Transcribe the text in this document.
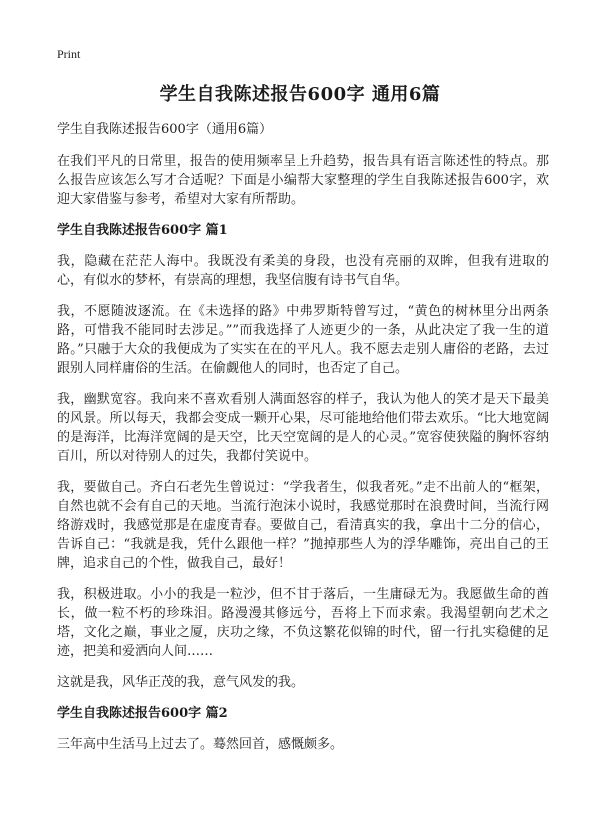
Print
学生自我陈述报告600字 通用6篇

学生自我陈述报告600字（通用6篇）

在我们平凡的日常里，报告的使用频率呈上升趋势，报告具有语言陈述性的特点。那么报告应该怎么写才合适呢？下面是小编帮大家整理的学生自我陈述报告600字，欢迎大家借鉴与参考，希望对大家有所帮助。

学生自我陈述报告600字 篇1

我，隐藏在茫茫人海中。我既没有柔美的身段，也没有亮丽的双眸，但我有进取的心，有似水的梦杯，有崇高的理想，我坚信腹有诗书气自华。

我，不愿随波逐流。在《未选择的路》中弗罗斯特曾写过，“黄色的树林里分出两条路，可惜我不能同时去涉足。””而我选择了人迹更少的一条，从此决定了我一生的道路。”只融于大众的我便成为了实实在在的平凡人。我不愿去走别人庸俗的老路，去过跟别人同样庸俗的生活。在偷觑他人的同时，也否定了自己。

我，幽默宽容。我向来不喜欢看别人满面怒容的样子，我认为他人的笑才是天下最美的风景。所以每天，我都会变成一颗开心果，尽可能地给他们带去欢乐。“比大地宽阔的是海洋，比海洋宽阔的是天空，比天空宽阔的是人的心灵。”宽容使狭隘的胸怀容纳百川，所以对待别人的过失，我都付笑说中。

我，要做自己。齐白石老先生曾说过：“学我者生，似我者死。”走不出前人的“框架，自然也就不会有自己的天地。当流行泡沫小说时，我感觉那时在浪费时间，当流行网络游戏时，我感觉那是在虚度青春。要做自己，看清真实的我，拿出十二分的信心，告诉自己：“我就是我，凭什么跟他一样？”抛掉那些人为的浮华雕饰，亮出自己的王牌，追求自己的个性，做我自己，最好！

我，积极进取。小小的我是一粒沙，但不甘于落后，一生庸碌无为。我愿做生命的酋长，做一粒不朽的珍珠泪。路漫漫其修远兮，吾将上下而求索。我渴望朝向艺术之塔，文化之巅，事业之厦，庆功之缘，不负这繁花似锦的时代，留一行扎实稳健的足迹，把美和爱洒向人间……

这就是我，风华正茂的我，意气风发的我。

学生自我陈述报告600字 篇2

三年高中生活马上过去了。蓦然回首，感慨颇多。
